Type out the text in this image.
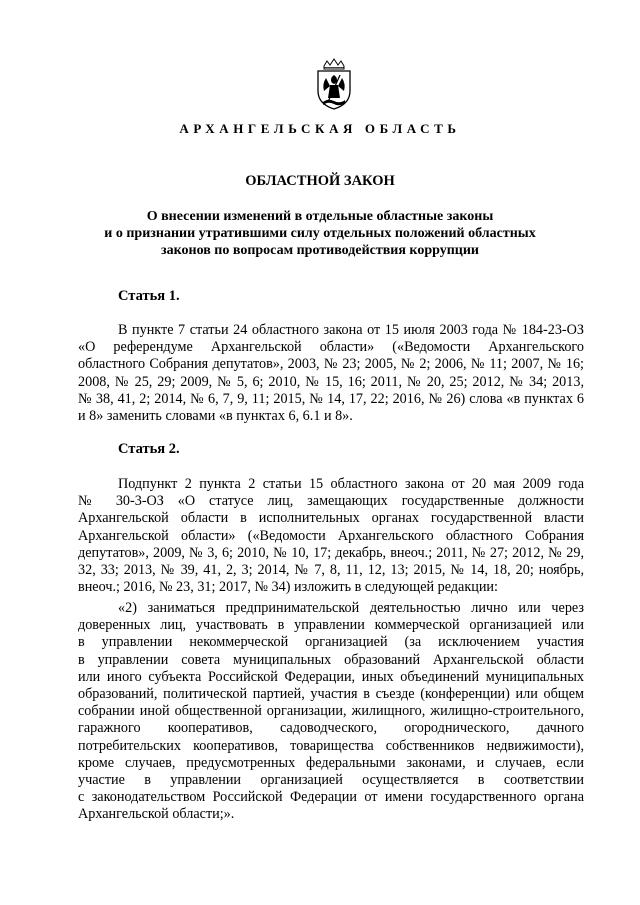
АРХАНГЕЛЬСКАЯ ОБЛАСТЬ
ОБЛАСТНОЙ ЗАКОН
О внесении изменений в отдельные областные законы
и о признании утратившими силу отдельных положений областных
законов по вопросам противодействия коррупции
Статья 1.
В пункте 7 статьи 24 областного закона от 15 июля 2003 года № 184-23-ОЗ
«О референдуме Архангельской области» («Ведомости Архангельского
областного Собрания депутатов», 2003, № 23; 2005, № 2; 2006, № 11; 2007, № 16;
2008, № 25, 29; 2009, № 5, 6; 2010, № 15, 16; 2011, № 20, 25; 2012, № 34; 2013,
№ 38, 41, 2; 2014, № 6, 7, 9, 11; 2015, № 14, 17, 22; 2016, № 26) слова «в пунктах 6
и 8» заменить словами «в пунктах 6, 6.1 и 8».
Статья 2.
Подпункт 2 пункта 2 статьи 15 областного закона от 20 мая 2009 года
№ 30-3-ОЗ «О статусе лиц, замещающих государственные должности
Архангельской области в исполнительных органах государственной власти
Архангельской области» («Ведомости Архангельского областного Собрания
депутатов», 2009, № 3, 6; 2010, № 10, 17; декабрь, внеоч.; 2011, № 27; 2012, № 29,
32, 33; 2013, № 39, 41, 2, 3; 2014, № 7, 8, 11, 12, 13; 2015, № 14, 18, 20; ноябрь,
внеоч.; 2016, № 23, 31; 2017, № 34) изложить в следующей редакции:
«2) заниматься предпринимательской деятельностью лично или через
доверенных лиц, участвовать в управлении коммерческой организацией или
в управлении некоммерческой организацией (за исключением участия
в управлении совета муниципальных образований Архангельской области
или иного субъекта Российской Федерации, иных объединений муниципальных
образований, политической партией, участия в съезде (конференции) или общем
собрании иной общественной организации, жилищного, жилищно-строительного,
гаражного кооперативов, садоводческого, огороднического, дачного
потребительских кооперативов, товарищества собственников недвижимости),
кроме случаев, предусмотренных федеральными законами, и случаев, если
участие в управлении организацией осуществляется в соответствии
с законодательством Российской Федерации от имени государственного органа
Архангельской области;».
